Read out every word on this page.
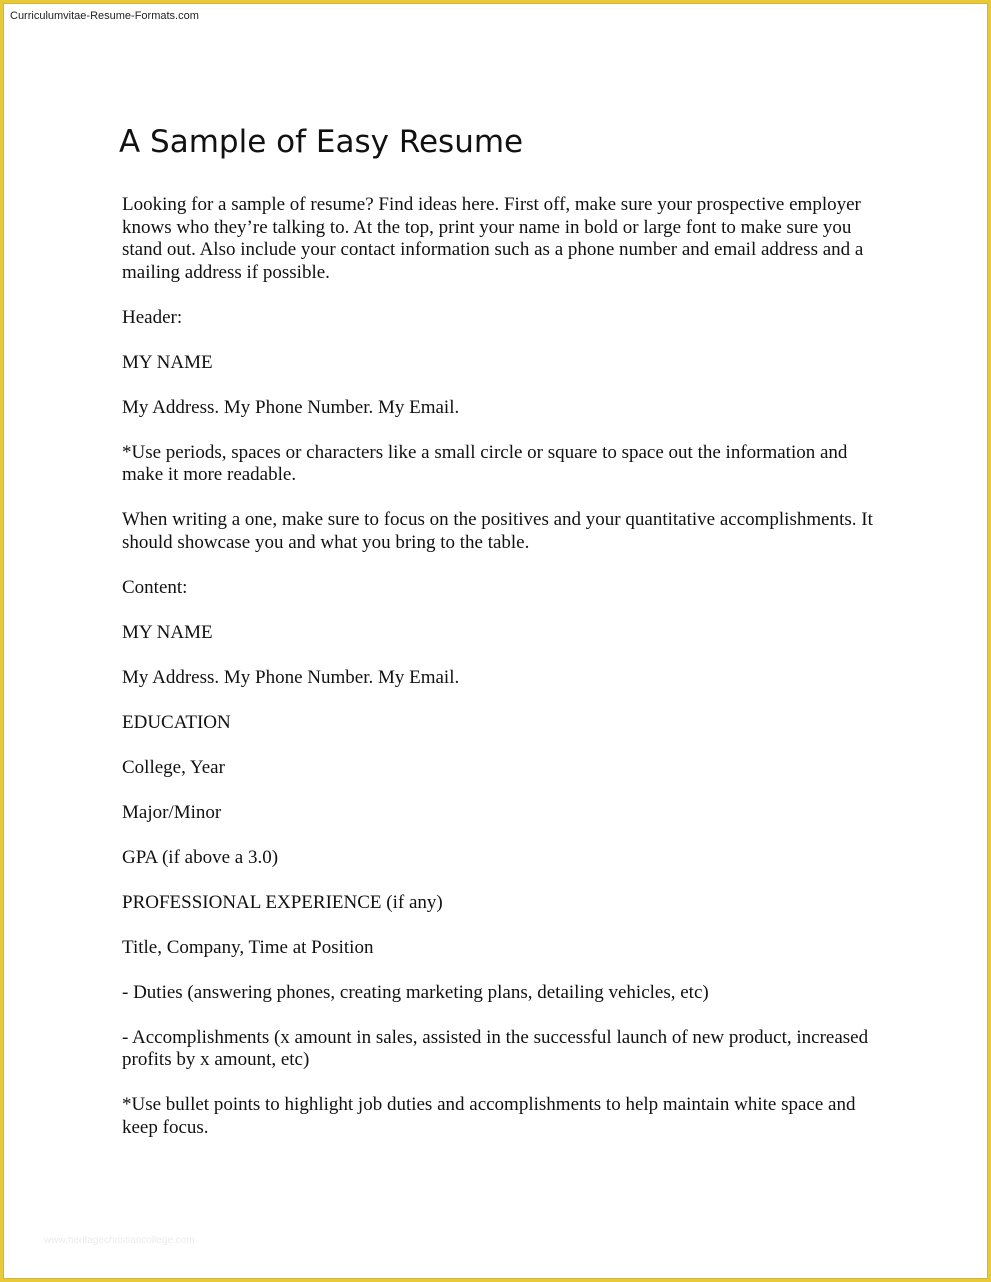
Curriculumvitae-Resume-Formats.com
A Sample of Easy Resume

Looking for a sample of resume? Find ideas here. First off, make sure your prospective employer knows who they’re talking to. At the top, print your name in bold or large font to make sure you stand out. Also include your contact information such as a phone number and email address and a mailing address if possible.

Header:

MY NAME

My Address. My Phone Number. My Email.

*Use periods, spaces or characters like a small circle or square to space out the information and make it more readable.

When writing a one, make sure to focus on the positives and your quantitative accomplishments. It should showcase you and what you bring to the table.

Content:

MY NAME

My Address. My Phone Number. My Email.

EDUCATION

College, Year

Major/Minor

GPA (if above a 3.0)

PROFESSIONAL EXPERIENCE (if any)

Title, Company, Time at Position

- Duties (answering phones, creating marketing plans, detailing vehicles, etc)

- Accomplishments (x amount in sales, assisted in the successful launch of new product, increased profits by x amount, etc)

*Use bullet points to highlight job duties and accomplishments to help maintain white space and keep focus.

www.heritagechristiancollege.com
